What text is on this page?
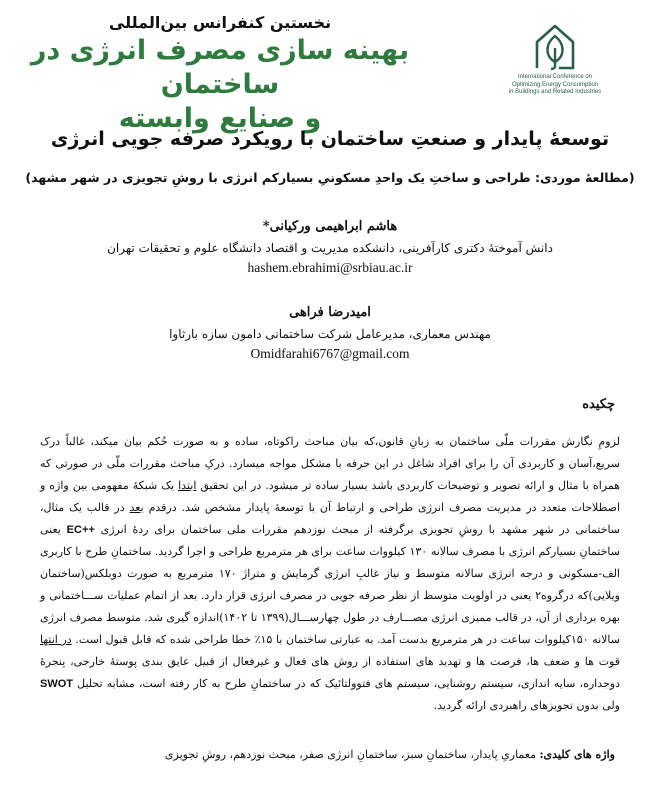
نخستین کنفرانس بین‌المللی
بهینه سازی مصرف انرژی در ساختمان
و صنایع وابسته
International Conference on
Optimizing Energy Consumption
in Buildings and Related Industries
توسعهٔ پایدار و صنعتِ ساختمان با رویکرد صرفه جویی انرژی
(مطالعهٔ موردی: طراحی و ساختِ یک واحدِ مسکونیِ بسیارکم انرژی با روشِ تجویزی در شهر مشهد)
هاشم ابراهیمی ورکیانی*
دانش آموختهٔ دکتری کارآفرینی، دانشکده مدیریت و اقتصاد دانشگاه علوم و تحقیقات تهران
hashem.ebrahimi@srbiau.ac.ir
امیدرضا فراهی
مهندس معماری، مدیرعامل شرکت ساختمانی دامون سازه بارثاوا
Omidfarahi6767@gmail.com
چکیده

لزومِ نگارش مقررات ملّی ساختمان به زبانِ قانون،که بیان مباحث راکوتاه، ساده و به صورت حُکم بیان میکند، غالباً درک سریع،آسان و کاربردی آن را برای افراد شاغل در این حرفه با مشکل مواجه میسازد. درکِ مباحث مقررات ملّی در صورتی که همراه با مثال و ارائه تصویر و توضیحات کاربردی باشد بسیار ساده تر میشود. در این تحقیق ابتدا یک شبکهٔ مفهومی بین واژه و اصطلاحات متعدد در مدیریت مصرف انرژی طراحی و ارتباط آن با توسعهٔ پایدار مشخص شد. درقدم بعد در قالب یک مثال، ساختمانی در شهر مشهد با روشِ تجویزی برگرفته از مبحث نوزدهم مقررات ملی ساختمان برای ردهٔ انرژی EC++ یعنی ساختمانِ بسیارکم انرژی با مصرف سالانه ۱۳۰ کیلووات ساعت برای هر مترمربع طراحی و اجرا گردید. ساختمانِ طرح با کاربری الف-مسکونی و درجه انرژی سالانه متوسط و نیاز غالبِ انرژی گرمایش و متراژ ۱۷۰ مترمربع به صورت دوبلکس(ساختمان ویلایی)که درگروه۲ یعنی در اولویت متوسط از نظر صرفه جویی در مصرف انرژی قرار دارد. بعد از اتمام عملیات ســـاختمانی و بهره برداری از آن، در قالب ممیزی انرژی مصـــارف در طول چهارســـال(۱۳۹۹ تا ۱۴۰۲)اندازه گیری شد. متوسط مصرف انرژی سالانه ۱۵۰کیلووات ساعت در هر مترمربع بدست آمد. به عبارتی ساختمان با ۱۵٪ خطا طراحی شده که قابل قبول است. در انتها قوت ها و ضعف ها، فرصت ها و تهدید های استفاده از روش های فعال و غیرفعال از قبیل عایق بندی پوستهٔ خارجی، پنجرهٔ دوجداره، سایه اندازی، سیستم روشنایی، سیستم های فتوولتائیک که در ساختمانِ طرح به کار رفته است، مشابه تحلیل SWOT ولی بدون تجویزهای راهبردی ارائه گردید.

واژه های کلیدی: معماریِ پایدار، ساختمانِ سبز، ساختمانِ انرژی صفر، مبحث نوزدهم، روشِ تجویزی
